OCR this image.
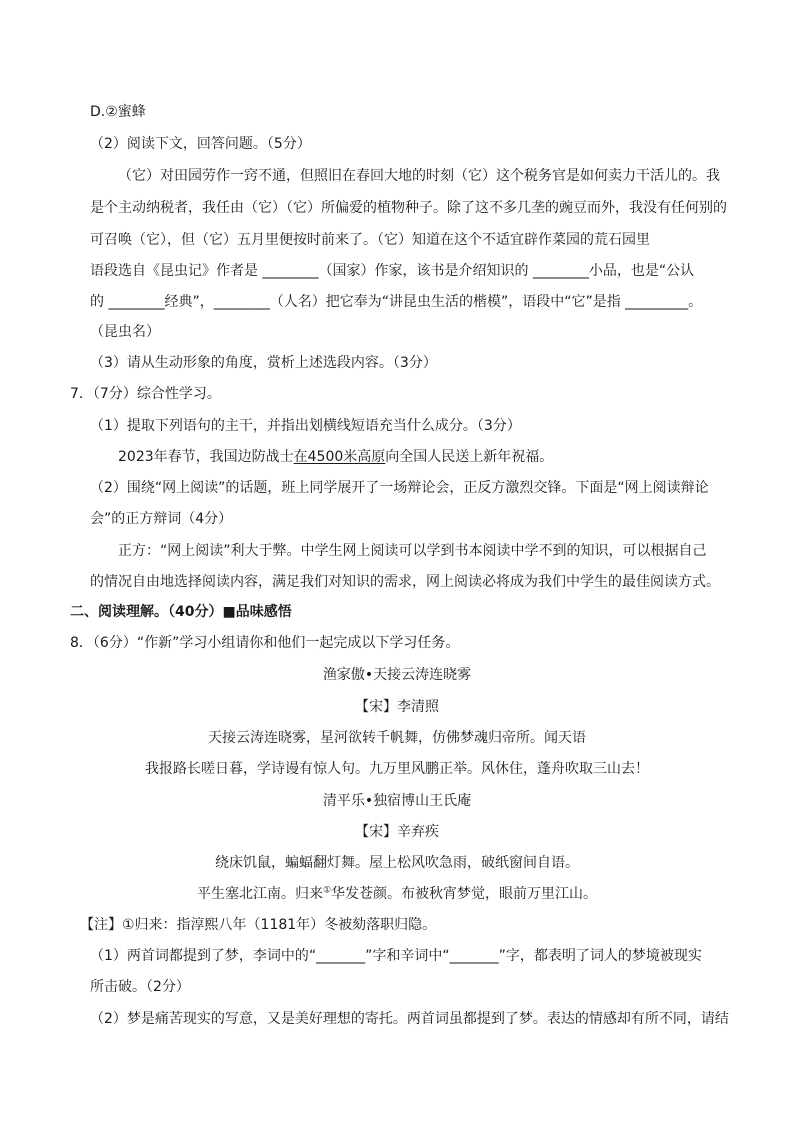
D.②蜜蜂
（2）阅读下文，回答问题。（5分）
（它）对田园劳作一窍不通，但照旧在春回大地的时刻（它）这个税务官是如何卖力干活儿的。我
是个主动纳税者，我任由（它）（它）所偏爱的植物种子。除了这不多几垄的豌豆而外，我没有任何别的
可召唤（它），但（它）五月里便按时前来了。（它）知道在这个不适宜辟作菜园的荒石园里
语段选自《昆虫记》作者是 ________（国家）作家，该书是介绍知识的 ________小品，也是“公认
的 ________经典”，________（人名）把它奉为“讲昆虫生活的楷模”，语段中“它”是指 _________。
（昆虫名）
（3）请从生动形象的角度，赏析上述选段内容。（3分）
7．（7分）综合性学习。
（1）提取下列语句的主干，并指出划横线短语充当什么成分。（3分）
2023年春节，我国边防战士在4500米高原向全国人民送上新年祝福。
（2）围绕“网上阅读”的话题，班上同学展开了一场辩论会，正反方激烈交锋。下面是“网上阅读辩论
会”的正方辩词（4分）
正方：“网上阅读”利大于弊。中学生网上阅读可以学到书本阅读中学不到的知识，可以根据自己
的情况自由地选择阅读内容，满足我们对知识的需求，网上阅读必将成为我们中学生的最佳阅读方式。
二、阅读理解。（40分）■品味感悟
8．（6分）“作新”学习小组请你和他们一起完成以下学习任务。
渔家傲•天接云涛连晓雾
【宋】李清照
天接云涛连晓雾，星河欲转千帆舞，仿佛梦魂归帝所。闻天语
我报路长嗟日暮，学诗谩有惊人句。九万里风鹏正举。风休住，蓬舟吹取三山去！
清平乐•独宿博山王氏庵
【宋】辛弃疾
绕床饥鼠，蝙蝠翻灯舞。屋上松风吹急雨，破纸窗间自语。
平生塞北江南。归来①华发苍颜。布被秋宵梦觉，眼前万里江山。
【注】①归来：指淳熙八年（1181年）冬被劾落职归隐。
（1）两首词都提到了梦，李词中的“_______”字和辛词中“_______”字，都表明了词人的梦境被现实
所击破。（2分）
（2）梦是痛苦现实的写意，又是美好理想的寄托。两首词虽都提到了梦。表达的情感却有所不同，请结
